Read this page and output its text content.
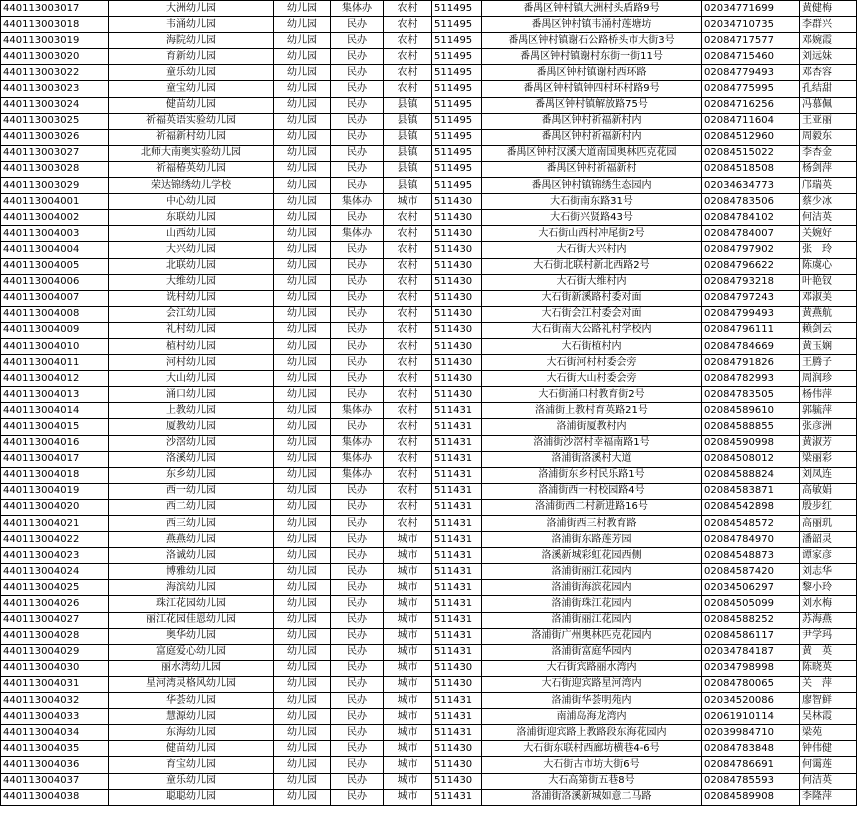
440113003017	大洲幼儿园	幼儿园	集体办	农村	511495	番禺区钟村镇大洲村头盾路9号	02034771699	黄健梅
440113003018	韦涌幼儿园	幼儿园	民办	农村	511495	番禺区钟村镇韦涌村莲塘坊	02034710735	李群兴
440113003019	海院幼儿园	幼儿园	民办	农村	511495	番禺区钟村镇谢石公路桥头市大街3号	02084717577	邓婉霞
440113003020	育新幼儿园	幼儿园	民办	农村	511495	番禺区钟村镇谢村东街一街11号	02084715460	刘远妹
440113003022	童乐幼儿园	幼儿园	民办	农村	511495	番禺区钟村镇谢村西环路	02084779493	邓杏容
440113003023	童宝幼儿园	幼儿园	民办	农村	511495	番禺区钟村镇钟四村环村路9号	02084775995	孔结甜
440113003024	健苗幼儿园	幼儿园	民办	县镇	511495	番禺区钟村镇解放路75号	02084716256	冯慕佩
440113003025	祈福英语实验幼儿园	幼儿园	民办	县镇	511495	番禺区钟村祈福新村内	02084711604	王亚丽
440113003026	祈福新村幼儿园	幼儿园	民办	县镇	511495	番禺区钟村祈福新村内	02084512960	周毅东
440113003027	北师大南奥实验幼儿园	幼儿园	民办	县镇	511495	番禺区钟村汉溪大道南国奥林匹克花园	02084515022	李杏金
440113003028	祈福椿英幼儿园	幼儿园	民办	县镇	511495	番禺区钟村祈福新村	02084518508	杨剑萍
440113003029	荣达锦绣幼儿学校	幼儿园	民办	县镇	511495	番禺区钟村镇锦绣生态园内	02034634773	邝瑞英
440113004001	中心幼儿园	幼儿园	集体办	城市	511430	大石街南东路31号	02084783506	蔡少冰
440113004002	东联幼儿园	幼儿园	民办	农村	511430	大石街兴贤路43号	02084784102	何洁英
440113004003	山西幼儿园	幼儿园	集体办	农村	511430	大石街山西村冲尾街2号	02084784007	关婉好
440113004004	大兴幼儿园	幼儿园	民办	农村	511430	大石街大兴村内	02084797902	张　玲
440113004005	北联幼儿园	幼儿园	民办	农村	511430	大石街北联村新北西路2号	02084796622	陈虞心
440113004006	大维幼儿园	幼儿园	民办	农村	511430	大石街大维村内	02084793218	叶艳钗
440113004007	诜村幼儿园	幼儿园	民办	农村	511430	大石街新溪路村委对面	02084797243	邓淑美
440113004008	会江幼儿园	幼儿园	民办	农村	511430	大石街会江村委会对面	02084799493	黄燕航
440113004009	礼村幼儿园	幼儿园	民办	农村	511430	大石街南大公路礼村学校内	02084796111	赖剑云
440113004010	植村幼儿园	幼儿园	民办	农村	511430	大石街植村内	02084784669	黄玉娴
440113004011	河村幼儿园	幼儿园	民办	农村	511430	大石街河村村委会旁	02084791826	王腾子
440113004012	大山幼儿园	幼儿园	民办	农村	511430	大石街大山村委会旁	02084782993	周润珍
440113004013	涌口幼儿园	幼儿园	民办	农村	511430	大石街涌口村教育街2号	02084783505	杨伟萍
440113004014	上教幼儿园	幼儿园	集体办	农村	511431	洛浦街上教村育英路21号	02084589610	郭毓萍
440113004015	厦教幼儿园	幼儿园	民办	农村	511431	洛浦街厦教村内	02084588855	张彦洲
440113004016	沙滘幼儿园	幼儿园	集体办	农村	511431	洛浦街沙滘村幸福南路1号	02084590998	黄淑芳
440113004017	洛溪幼儿园	幼儿园	集体办	农村	511431	洛浦街洛溪村大道	02084508012	梁丽彩
440113004018	东乡幼儿园	幼儿园	集体办	农村	511431	洛浦街东乡村民乐路1号	02084588824	刘凤连
440113004019	西一幼儿园	幼儿园	民办	农村	511431	洛浦街西一村校园路4号	02084583871	高敏娟
440113004020	西二幼儿园	幼儿园	民办	农村	511431	洛浦街西二村新进路16号	02084542898	殷步红
440113004021	西三幼儿园	幼儿园	民办	农村	511431	洛浦街西三村教育路	02084548572	高丽玑
440113004022	燕燕幼儿园	幼儿园	民办	城市	511431	洛浦街东路莲芳园	02084784970	潘韶灵
440113004023	洛诚幼儿园	幼儿园	民办	城市	511431	洛溪新城彩虹花园西侧	02084548873	谭家彦
440113004024	博雅幼儿园	幼儿园	民办	城市	511431	洛浦街丽江花园内	02084587420	刘志华
440113004025	海滨幼儿园	幼儿园	民办	城市	511431	洛浦街海滨花园内	02034506297	黎小玲
440113004026	珠江花园幼儿园	幼儿园	民办	城市	511431	洛浦街珠江花园内	02084505099	刘水梅
440113004027	丽江花园佳恩幼儿园	幼儿园	民办	城市	511431	洛浦街丽江花园内	02084588252	苏海燕
440113004028	奥华幼儿园	幼儿园	民办	城市	511431	洛浦街广州奥林匹克花园内	02084586117	尹学玛
440113004029	富庭爱心幼儿园	幼儿园	民办	城市	511431	洛浦街富庭华园内	02034784187	黄　英
440113004030	丽水湾幼儿园	幼儿园	民办	城市	511430	大石街宾路丽水湾内	02034798998	陈晓英
440113004031	星河湾灵格风幼儿园	幼儿园	民办	城市	511430	大石街迎宾路星河湾内	02084780065	关　萍
440113004032	华荟幼儿园	幼儿园	民办	城市	511431	洛浦街华荟明苑内	02034520086	廖智鲜
440113004033	慧源幼儿园	幼儿园	民办	城市	511431	南浦岛海龙湾内	02061910114	吴林霞
440113004034	东海幼儿园	幼儿园	民办	城市	511431	洛浦街迎宾路上教路段东海花园内	02039984710	梁苑
440113004035	健苗幼儿园	幼儿园	民办	城市	511430	大石街东联村西廊坊横巷4-6号	02084783848	钟伟健
440113004036	育宝幼儿园	幼儿园	民办	城市	511430	大石街古市坊大街6号	02084786691	何霭莲
440113004037	童乐幼儿园	幼儿园	民办	城市	511430	大石高第街五巷8号	02084785593	何洁英
440113004038	聪聪幼儿园	幼儿园	民办	城市	511431	洛浦街洛溪新城如意二马路	02084589908	李隆萍
